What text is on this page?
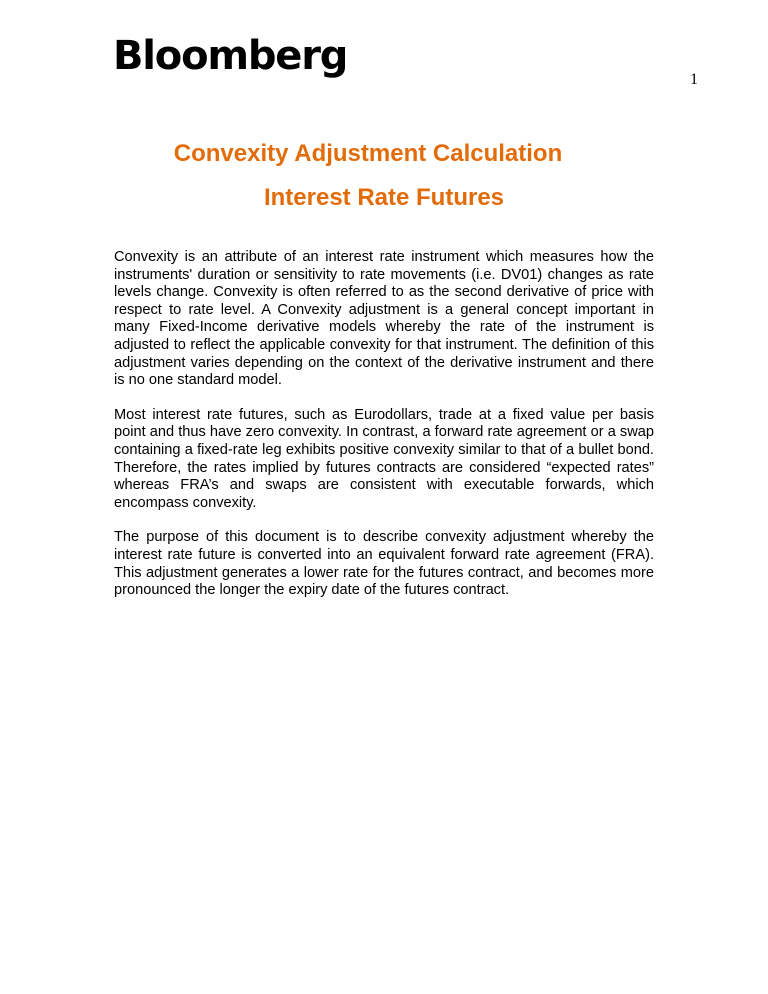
Bloomberg
1
Convexity Adjustment Calculation
Interest Rate Futures

Convexity is an attribute of an interest rate instrument which measures how the instruments' duration or sensitivity to rate movements (i.e. DV01) changes as rate levels change. Convexity is often referred to as the second derivative of price with respect to rate level. A Convexity adjustment is a general concept important in many Fixed-Income derivative models whereby the rate of the instrument is adjusted to reflect the applicable convexity for that instrument. The definition of this adjustment varies depending on the context of the derivative instrument and there is no one standard model.

Most interest rate futures, such as Eurodollars, trade at a fixed value per basis point and thus have zero convexity. In contrast, a forward rate agreement or a swap containing a fixed-rate leg exhibits positive convexity similar to that of a bullet bond. Therefore, the rates implied by futures contracts are considered “expected rates” whereas FRA’s and swaps are consistent with executable forwards, which encompass convexity.

The purpose of this document is to describe convexity adjustment whereby the interest rate future is converted into an equivalent forward rate agreement (FRA). This adjustment generates a lower rate for the futures contract, and becomes more pronounced the longer the expiry date of the futures contract.
